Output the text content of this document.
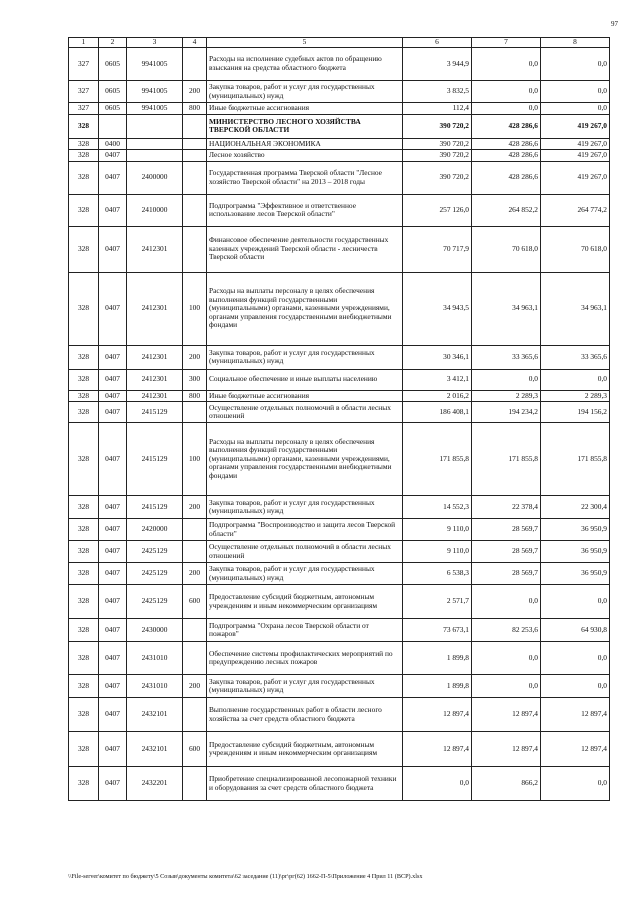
97
1	2	3	4	5	6	7	8
327	0605	9941005		Расходы на исполнение судебных актов по обращению взыскания на средства областного бюджета	3 944,9	0,0	0,0
327	0605	9941005	200	Закупка товаров, работ и услуг для государственных (муниципальных) нужд	3 832,5	0,0	0,0
327	0605	9941005	800	Иные бюджетные ассигнования	112,4	0,0	0,0
328				МИНИСТЕРСТВО ЛЕСНОГО ХОЗЯЙСТВА ТВЕРСКОЙ ОБЛАСТИ	390 720,2	428 286,6	419 267,0
328	0400			НАЦИОНАЛЬНАЯ ЭКОНОМИКА	390 720,2	428 286,6	419 267,0
328	0407			Лесное хозяйство	390 720,2	428 286,6	419 267,0
328	0407	2400000		Государственная программа Тверской области "Лесное хозяйство Тверской области" на 2013 – 2018 годы	390 720,2	428 286,6	419 267,0
328	0407	2410000		Подпрограмма "Эффективное и ответственное использование лесов Тверской области"	257 126,0	264 852,2	264 774,2
328	0407	2412301		Финансовое обеспечение деятельности государственных казенных учреждений Тверской области - лесничеств Тверской области	70 717,9	70 618,0	70 618,0
328	0407	2412301	100	Расходы на выплаты персоналу в целях обеспечения выполнения функций государственными (муниципальными) органами, казенными учреждениями, органами управления государственными внебюджетными фондами	34 943,5	34 963,1	34 963,1
328	0407	2412301	200	Закупка товаров, работ и услуг для государственных (муниципальных) нужд	30 346,1	33 365,6	33 365,6
328	0407	2412301	300	Социальное обеспечение и иные выплаты населению	3 412,1	0,0	0,0
328	0407	2412301	800	Иные бюджетные ассигнования	2 016,2	2 289,3	2 289,3
328	0407	2415129		Осуществление отдельных полномочий в области лесных отношений	186 408,1	194 234,2	194 156,2
328	0407	2415129	100	Расходы на выплаты персоналу в целях обеспечения выполнения функций государственными (муниципальными) органами, казенными учреждениями, органами управления государственными внебюджетными фондами	171 855,8	171 855,8	171 855,8
328	0407	2415129	200	Закупка товаров, работ и услуг для государственных (муниципальных) нужд	14 552,3	22 378,4	22 300,4
328	0407	2420000		Подпрограмма "Воспроизводство и защита лесов Тверской области"	9 110,0	28 569,7	36 950,9
328	0407	2425129		Осуществление отдельных полномочий в области лесных отношений	9 110,0	28 569,7	36 950,9
328	0407	2425129	200	Закупка товаров, работ и услуг для государственных (муниципальных) нужд	6 538,3	28 569,7	36 950,9
328	0407	2425129	600	Предоставление субсидий бюджетным, автономным учреждениям и иным некоммерческим организациям	2 571,7	0,0	0,0
328	0407	2430000		Подпрограмма "Охрана лесов Тверской области от пожаров"	73 673,1	82 253,6	64 930,8
328	0407	2431010		Обеспечение системы профилактических мероприятий по предупреждению лесных пожаров	1 899,8	0,0	0,0
328	0407	2431010	200	Закупка товаров, работ и услуг для государственных (муниципальных) нужд	1 899,8	0,0	0,0
328	0407	2432101		Выполнение государственных работ в области лесного хозяйства за счет средств областного бюджета	12 897,4	12 897,4	12 897,4
328	0407	2432101	600	Предоставление субсидий бюджетным, автономным учреждениям и иным некоммерческим организациям	12 897,4	12 897,4	12 897,4
328	0407	2432201		Приобретение специализированной лесопожарной техники и оборудования за счет средств областного бюджета	0,0	866,2	0,0
\\File-server\комитет по бюджету\5 Созыв\документы комитета\62 заседание (11)\рг\рг(62) 1662-П-5\Приложение 4 Прил 11 (ВСР).xlsx
